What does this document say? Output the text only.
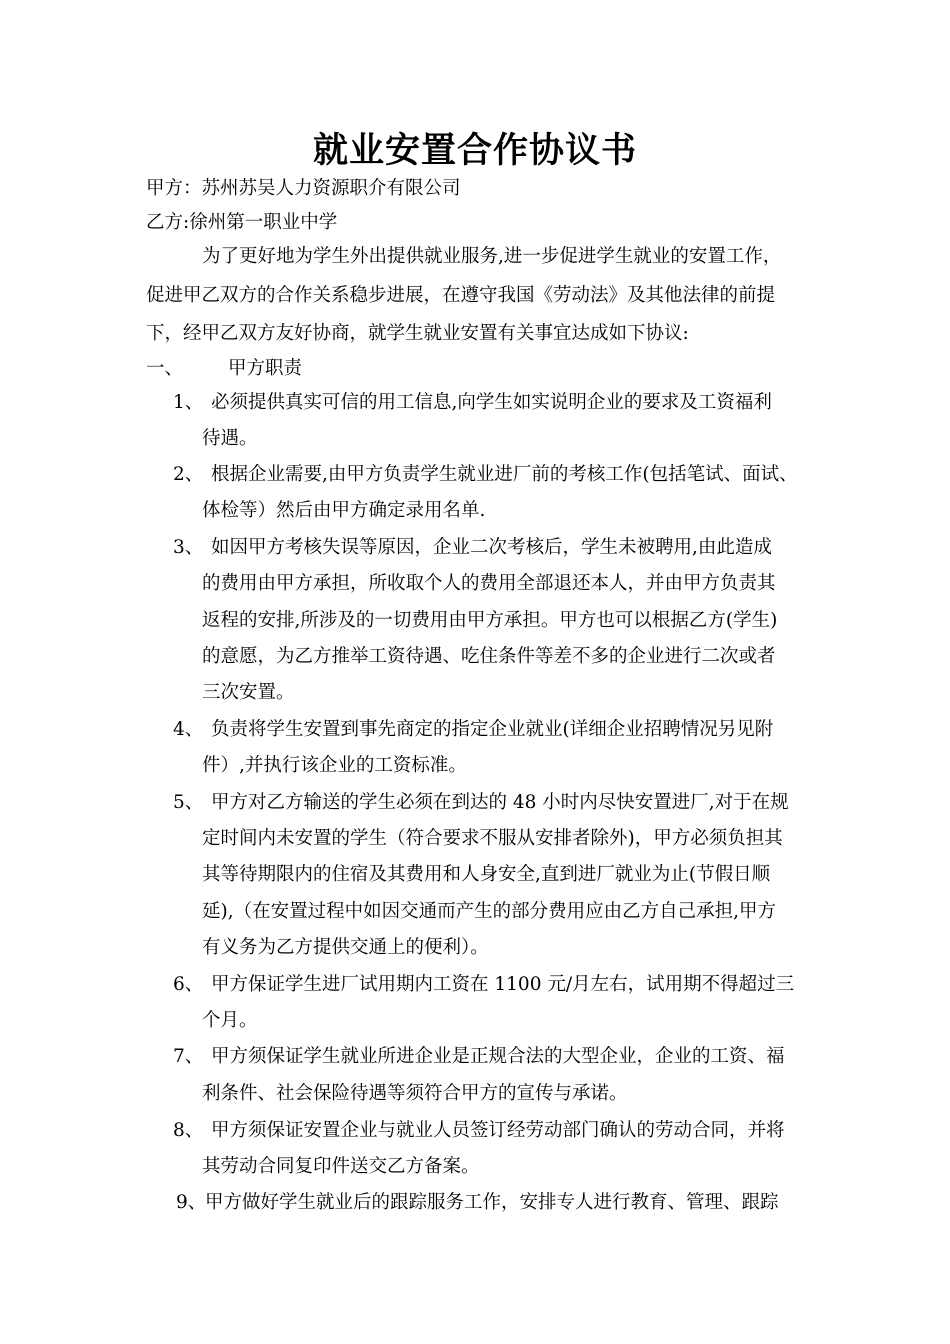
就业安置合作协议书
甲方：苏州苏吴人力资源职介有限公司
乙方:徐州第一职业中学
为了更好地为学生外出提供就业服务,进一步促进学生就业的安置工作，
促进甲乙双方的合作关系稳步进展，在遵守我国《劳动法》及其他法律的前提
下，经甲乙双方友好协商，就学生就业安置有关事宜达成如下协议:
一、 甲方职责
1、 必须提供真实可信的用工信息,向学生如实说明企业的要求及工资福利
待遇。
2、 根据企业需要,由甲方负责学生就业进厂前的考核工作(包括笔试、面试、
体检等）然后由甲方确定录用名单.
3、 如因甲方考核失误等原因，企业二次考核后，学生未被聘用,由此造成
的费用由甲方承担，所收取个人的费用全部退还本人，并由甲方负责其
返程的安排,所涉及的一切费用由甲方承担。甲方也可以根据乙方(学生)
的意愿，为乙方推举工资待遇、吃住条件等差不多的企业进行二次或者
三次安置。
4、 负责将学生安置到事先商定的指定企业就业(详细企业招聘情况另见附
件）,并执行该企业的工资标准。
5、 甲方对乙方输送的学生必须在到达的 48 小时内尽快安置进厂,对于在规
定时间内未安置的学生（符合要求不服从安排者除外)，甲方必须负担其
其等待期限内的住宿及其费用和人身安全,直到进厂就业为止(节假日顺
延),（在安置过程中如因交通而产生的部分费用应由乙方自己承担,甲方
有义务为乙方提供交通上的便利）。
6、 甲方保证学生进厂试用期内工资在 1100 元/月左右，试用期不得超过三
个月。
7、 甲方须保证学生就业所进企业是正规合法的大型企业，企业的工资、福
利条件、社会保险待遇等须符合甲方的宣传与承诺。
8、 甲方须保证安置企业与就业人员签订经劳动部门确认的劳动合同，并将
其劳动合同复印件送交乙方备案。
9、
甲方做好学生就业后的跟踪服务工作，安排专人进行教育、管理、跟踪
